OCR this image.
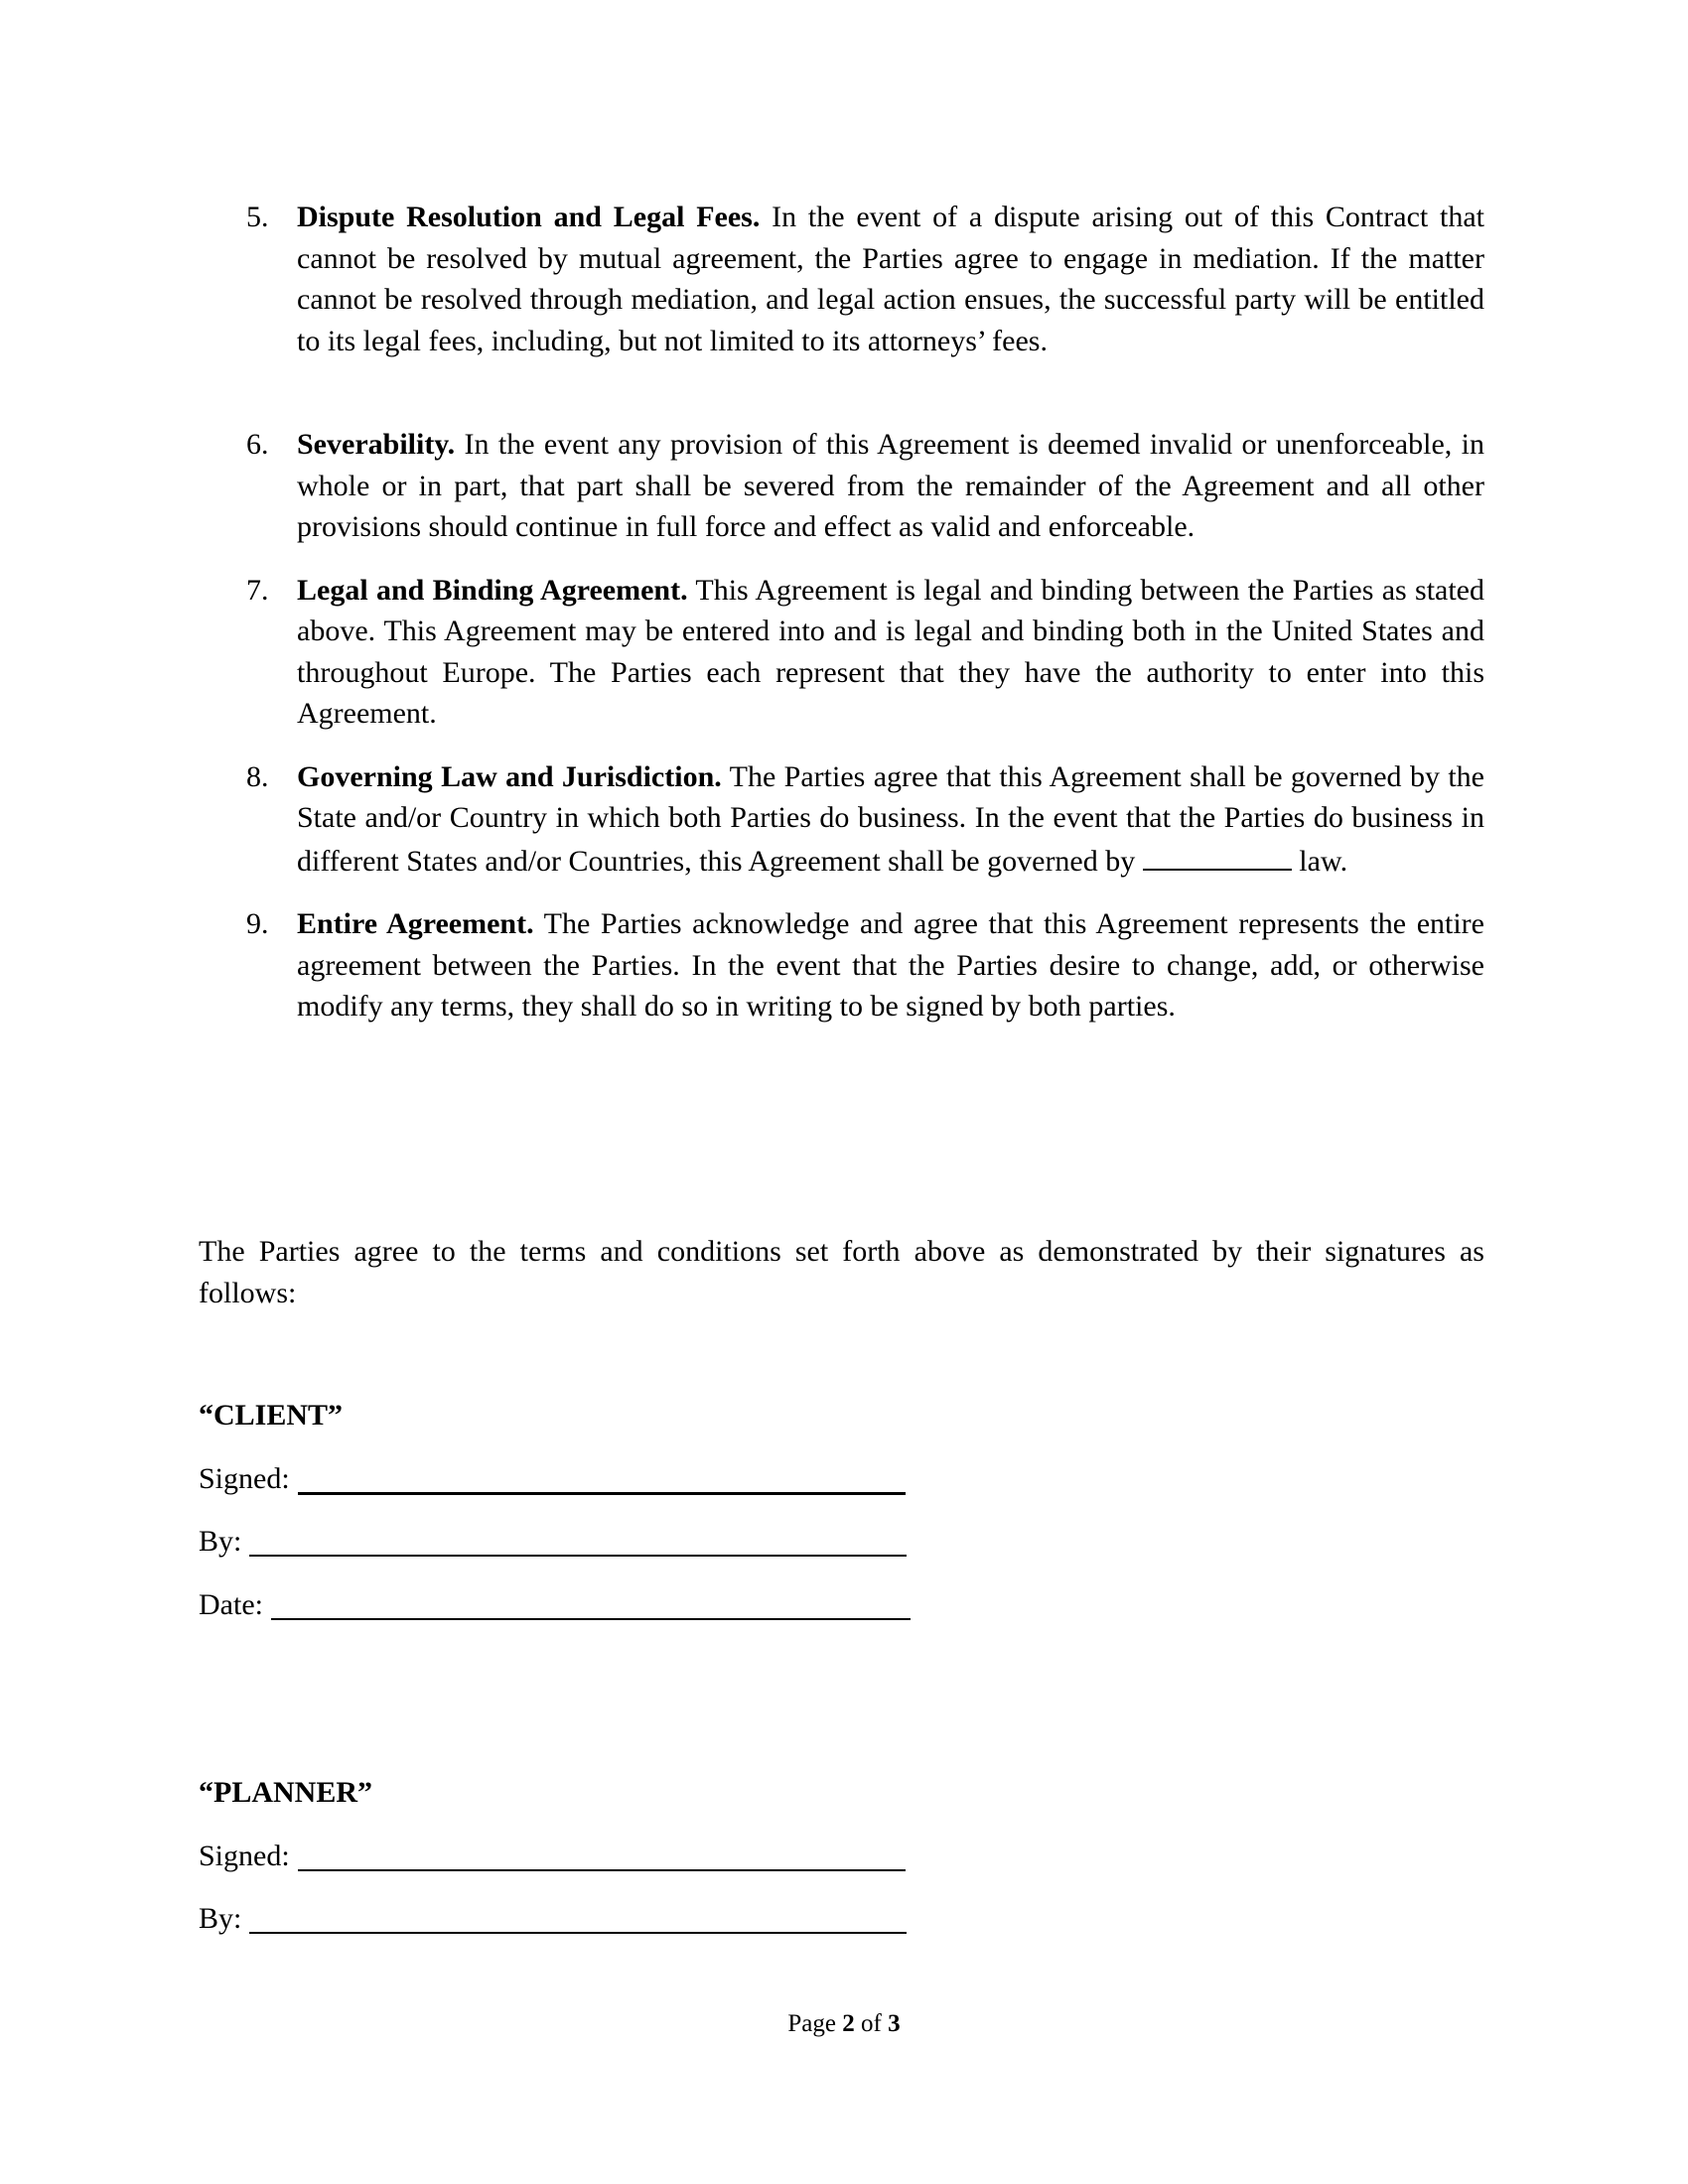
5. Dispute Resolution and Legal Fees. In the event of a dispute arising out of this Contract that cannot be resolved by mutual agreement, the Parties agree to engage in mediation. If the matter cannot be resolved through mediation, and legal action ensues, the successful party will be entitled to its legal fees, including, but not limited to its attorneys’ fees.
6. Severability. In the event any provision of this Agreement is deemed invalid or unenforceable, in whole or in part, that part shall be severed from the remainder of the Agreement and all other provisions should continue in full force and effect as valid and enforceable.
7. Legal and Binding Agreement. This Agreement is legal and binding between the Parties as stated above. This Agreement may be entered into and is legal and binding both in the United States and throughout Europe. The Parties each represent that they have the authority to enter into this Agreement.
8. Governing Law and Jurisdiction. The Parties agree that this Agreement shall be governed by the State and/or Country in which both Parties do business. In the event that the Parties do business in different States and/or Countries, this Agreement shall be governed by	law.
9. Entire Agreement. The Parties acknowledge and agree that this Agreement represents the entire agreement between the Parties. In the event that the Parties desire to change, add, or otherwise modify any terms, they shall do so in writing to be signed by both parties.

The Parties agree to the terms and conditions set forth above as demonstrated by their signatures as follows:

“CLIENT”
Signed:
By:
Date:
“PLANNER”
Signed:
By:
Page 2 of 3
